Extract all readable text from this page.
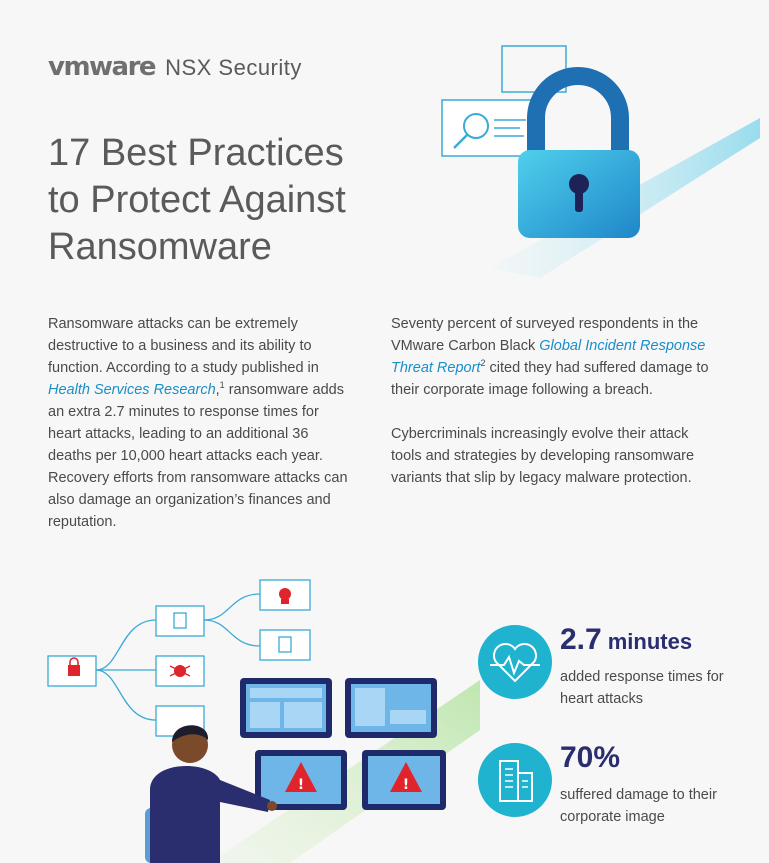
vmware NSX Security
17 Best Practices
to Protect Against
Ransomware

Ransomware attacks can be extremely destructive to a business and its ability to function. According to a study published in Health Services Research,$^1$ ransomware adds an extra 2.7 minutes to response times for heart attacks, leading to an additional 36 deaths per 10,000 heart attacks each year. Recovery efforts from ransomware attacks can also damage an organization’s finances and reputation.

Seventy percent of surveyed respondents in the VMware Carbon Black Global Incident Response Threat Report$^2$ cited they had suffered damage to their corporate image following a breach.

Cybercriminals increasingly evolve their attack tools and strategies by developing ransomware variants that slip by legacy malware protection.

!	!
2.7 minutes
added response times for heart attacks
70%
suffered damage to their corporate image
